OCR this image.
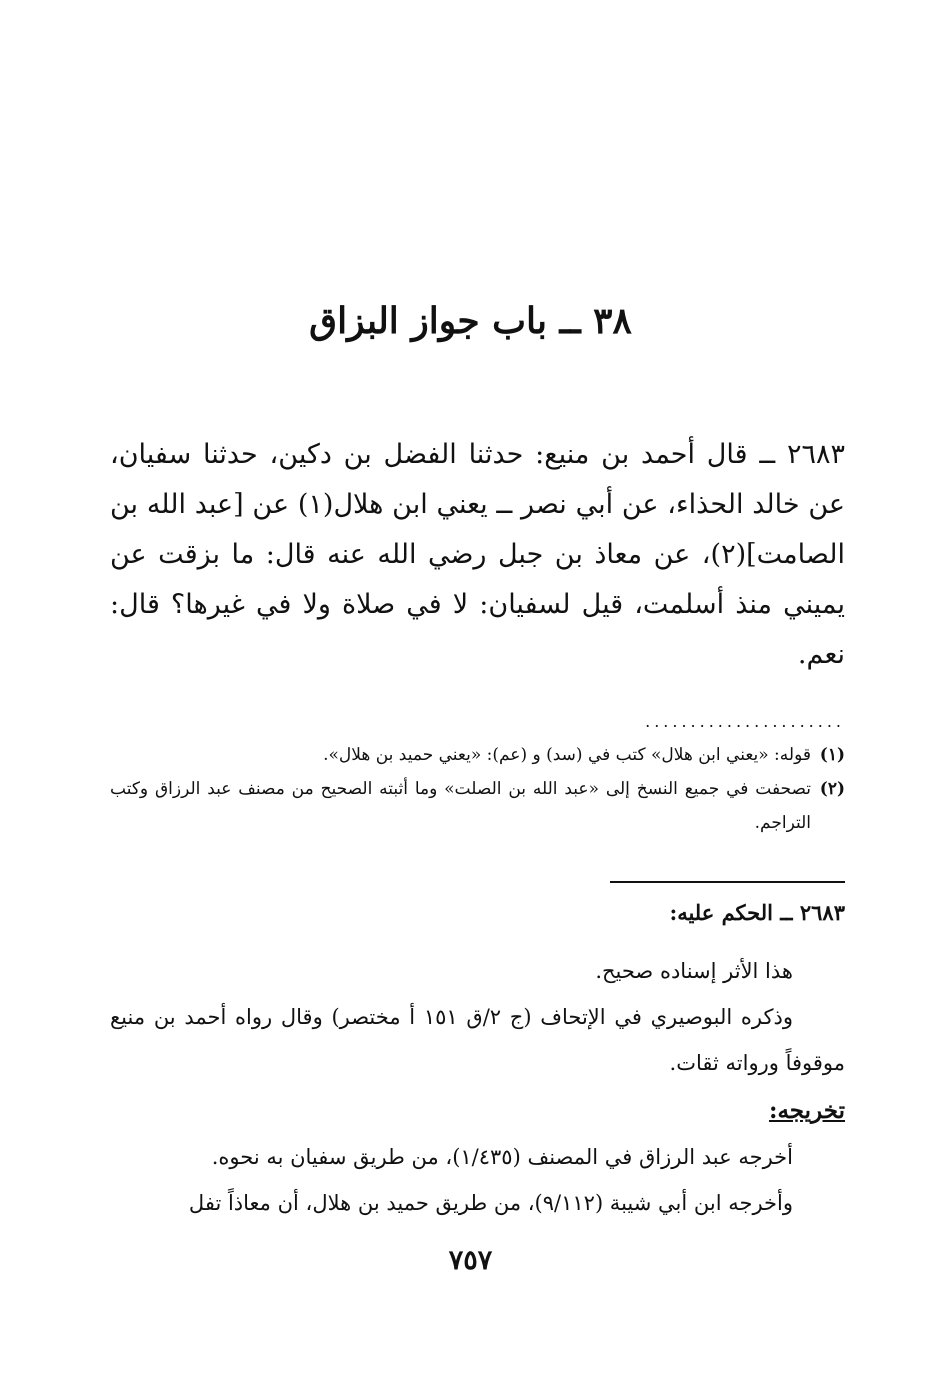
٣٨ ــ باب جواز البزاق

٢٦٨٣ ــ قال أحمد بن منيع: حدثنا الفضل بن دكين، حدثنا سفيان، عن خالد الحذاء، عن أبي نصر ــ يعني ابن هلال(١) عن [عبد الله بن الصامت](٢)، عن معاذ بن جبل رضي الله عنه قال: ما بزقت عن يميني منذ أسلمت، قيل لسفيان: لا في صلاة ولا في غيرها؟ قال: نعم.

......................
(١)
قوله: «يعني ابن هلال» كتب في (سد) و (عم): «يعني حميد بن هلال».
(٢)
تصحفت في جميع النسخ إلى «عبد الله بن الصلت» وما أثبته الصحيح من مصنف عبد الرزاق وكتب التراجم.
٢٦٨٣ ــ الحكم عليه:

هذا الأثر إسناده صحيح.

وذكره البوصيري في الإتحاف (ج ٢/ق ١٥١ أ مختصر) وقال رواه أحمد بن منيع موقوفاً ورواته ثقات.

تخريجه:

أخرجه عبد الرزاق في المصنف (١/٤٣٥)، من طريق سفيان به نحوه.

وأخرجه ابن أبي شيبة (٩/١١٢)، من طريق حميد بن هلال، أن معاذاً تفل

٧٥٧
